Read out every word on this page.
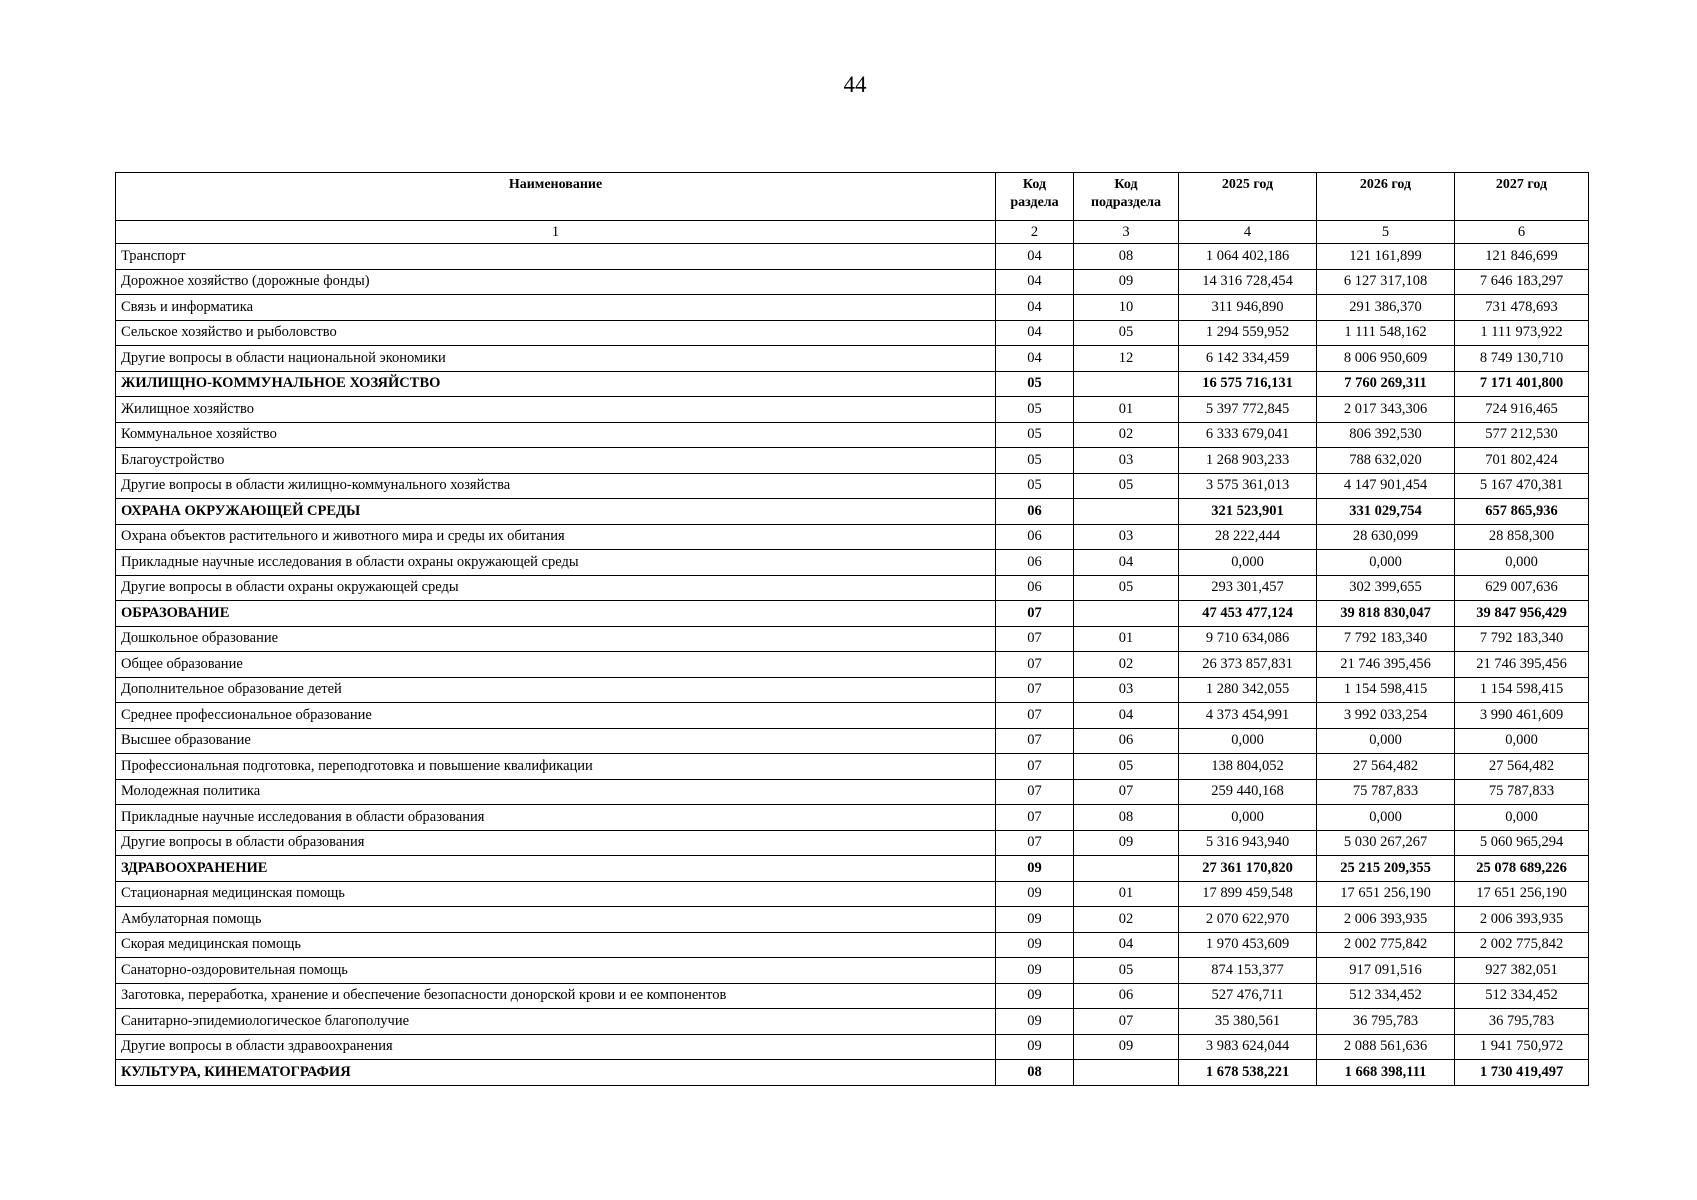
44
Наименование	Код раздела	Код подраздела	2025 год	2026 год	2027 год
1	2	3	4	5	6
Транспорт	04	08	1 064 402,186	121 161,899	121 846,699
Дорожное хозяйство (дорожные фонды)	04	09	14 316 728,454	6 127 317,108	7 646 183,297
Связь и информатика	04	10	311 946,890	291 386,370	731 478,693
Сельское хозяйство и рыболовство	04	05	1 294 559,952	1 111 548,162	1 111 973,922
Другие вопросы в области национальной экономики	04	12	6 142 334,459	8 006 950,609	8 749 130,710
ЖИЛИЩНО-КОММУНАЛЬНОЕ ХОЗЯЙСТВО	05		16 575 716,131	7 760 269,311	7 171 401,800
Жилищное хозяйство	05	01	5 397 772,845	2 017 343,306	724 916,465
Коммунальное хозяйство	05	02	6 333 679,041	806 392,530	577 212,530
Благоустройство	05	03	1 268 903,233	788 632,020	701 802,424
Другие вопросы в области жилищно-коммунального хозяйства	05	05	3 575 361,013	4 147 901,454	5 167 470,381
ОХРАНА ОКРУЖАЮЩЕЙ СРЕДЫ	06		321 523,901	331 029,754	657 865,936
Охрана объектов растительного и животного мира и среды их обитания	06	03	28 222,444	28 630,099	28 858,300
Прикладные научные исследования в области охраны окружающей среды	06	04	0,000	0,000	0,000
Другие вопросы в области охраны окружающей среды	06	05	293 301,457	302 399,655	629 007,636
ОБРАЗОВАНИЕ	07		47 453 477,124	39 818 830,047	39 847 956,429
Дошкольное образование	07	01	9 710 634,086	7 792 183,340	7 792 183,340
Общее образование	07	02	26 373 857,831	21 746 395,456	21 746 395,456
Дополнительное образование детей	07	03	1 280 342,055	1 154 598,415	1 154 598,415
Среднее профессиональное образование	07	04	4 373 454,991	3 992 033,254	3 990 461,609
Высшее образование	07	06	0,000	0,000	0,000
Профессиональная подготовка, переподготовка и повышение квалификации	07	05	138 804,052	27 564,482	27 564,482
Молодежная политика	07	07	259 440,168	75 787,833	75 787,833
Прикладные научные исследования в области образования	07	08	0,000	0,000	0,000
Другие вопросы в области образования	07	09	5 316 943,940	5 030 267,267	5 060 965,294
ЗДРАВООХРАНЕНИЕ	09		27 361 170,820	25 215 209,355	25 078 689,226
Стационарная медицинская помощь	09	01	17 899 459,548	17 651 256,190	17 651 256,190
Амбулаторная помощь	09	02	2 070 622,970	2 006 393,935	2 006 393,935
Скорая медицинская помощь	09	04	1 970 453,609	2 002 775,842	2 002 775,842
Санаторно-оздоровительная помощь	09	05	874 153,377	917 091,516	927 382,051
Заготовка, переработка, хранение и обеспечение безопасности донорской крови и ее компонентов	09	06	527 476,711	512 334,452	512 334,452
Санитарно-эпидемиологическое благополучие	09	07	35 380,561	36 795,783	36 795,783
Другие вопросы в области здравоохранения	09	09	3 983 624,044	2 088 561,636	1 941 750,972
КУЛЬТУРА, КИНЕМАТОГРАФИЯ	08		1 678 538,221	1 668 398,111	1 730 419,497
